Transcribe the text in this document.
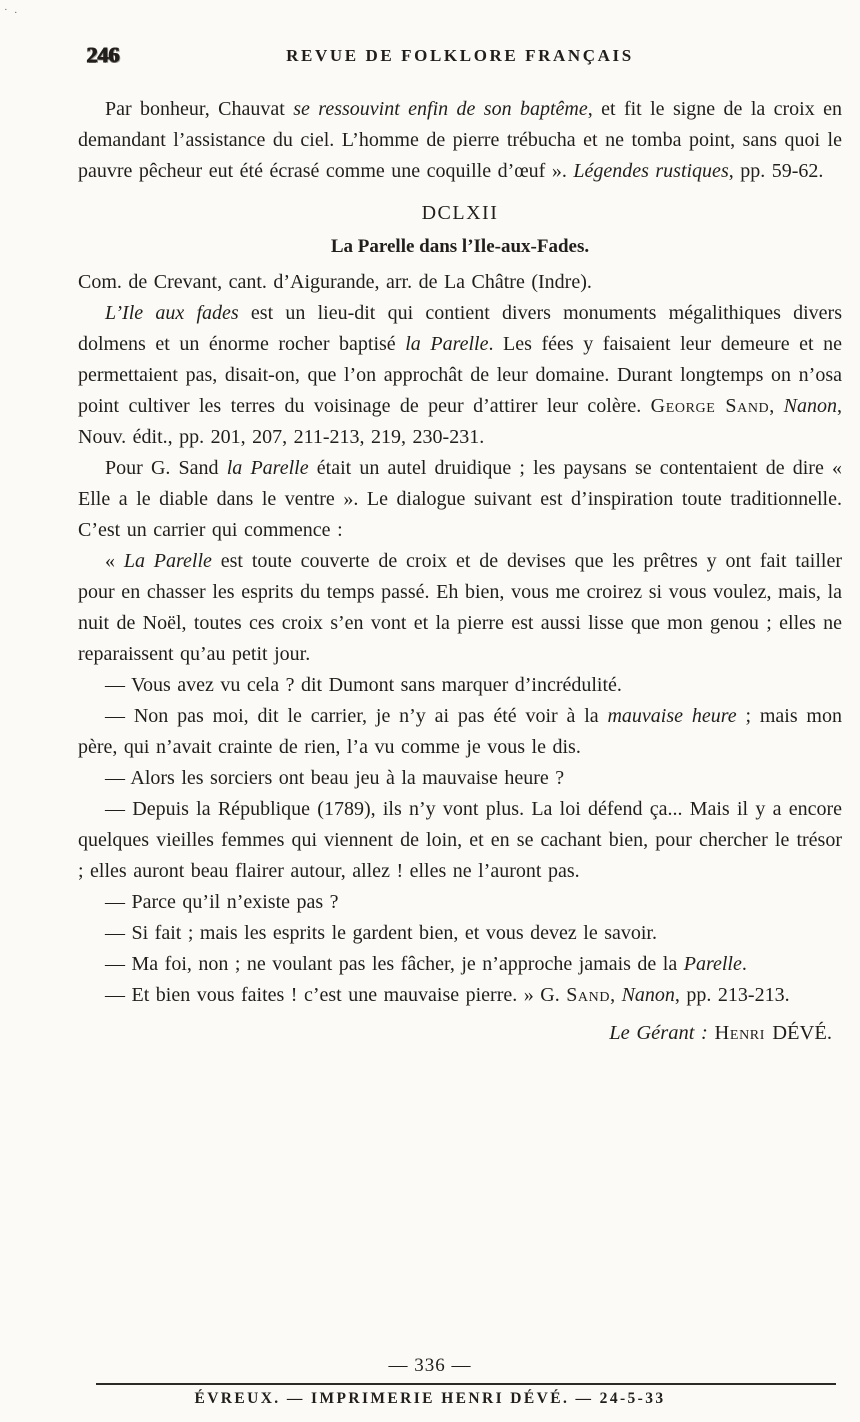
· .
246	REVUE DE FOLKLORE FRANÇAIS

Par bonheur, Chauvat se ressouvint enfin de son baptême, et fit le signe de la croix en demandant l’assistance du ciel. L’homme de pierre trébucha et ne tomba point, sans quoi le pauvre pêcheur eut été écrasé comme une coquille d’œuf ». Légendes rustiques, pp. 59-62.

DCLXII
La Parelle dans l’Ile-aux-Fades.

Com. de Crevant, cant. d’Aigurande, arr. de La Châtre (Indre).

L’Ile aux fades est un lieu-dit qui contient divers monuments mégalithiques divers dolmens et un énorme rocher baptisé la Parelle. Les fées y faisaient leur demeure et ne permettaient pas, disait-on, que l’on approchât de leur domaine. Durant longtemps on n’osa point cultiver les terres du voisinage de peur d’attirer leur colère. George Sand, Nanon, Nouv. édit., pp. 201, 207, 211-213, 219, 230-231.

Pour G. Sand la Parelle était un autel druidique ; les paysans se contentaient de dire « Elle a le diable dans le ventre ». Le dialogue suivant est d’inspiration toute traditionnelle. C’est un carrier qui commence :

« La Parelle est toute couverte de croix et de devises que les prêtres y ont fait tailler pour en chasser les esprits du temps passé. Eh bien, vous me croirez si vous voulez, mais, la nuit de Noël, toutes ces croix s’en vont et la pierre est aussi lisse que mon genou ; elles ne reparaissent qu’au petit jour.

— Vous avez vu cela ? dit Dumont sans marquer d’incrédulité.

— Non pas moi, dit le carrier, je n’y ai pas été voir à la mauvaise heure ; mais mon père, qui n’avait crainte de rien, l’a vu comme je vous le dis.

— Alors les sorciers ont beau jeu à la mauvaise heure ?

— Depuis la République (1789), ils n’y vont plus. La loi défend ça... Mais il y a encore quelques vieilles femmes qui viennent de loin, et en se cachant bien, pour chercher le trésor ; elles auront beau flairer autour, allez ! elles ne l’auront pas.

— Parce qu’il n’existe pas ?

— Si fait ; mais les esprits le gardent bien, et vous devez le savoir.

— Ma foi, non ; ne voulant pas les fâcher, je n’approche jamais de la Parelle.

— Et bien vous faites ! c’est une mauvaise pierre. » G. Sand, Nanon, pp. 213-213.

Le Gérant : Henri DÉVÉ.

— 336 —
ÉVREUX. — IMPRIMERIE HENRI DÉVÉ. — 24-5-33
